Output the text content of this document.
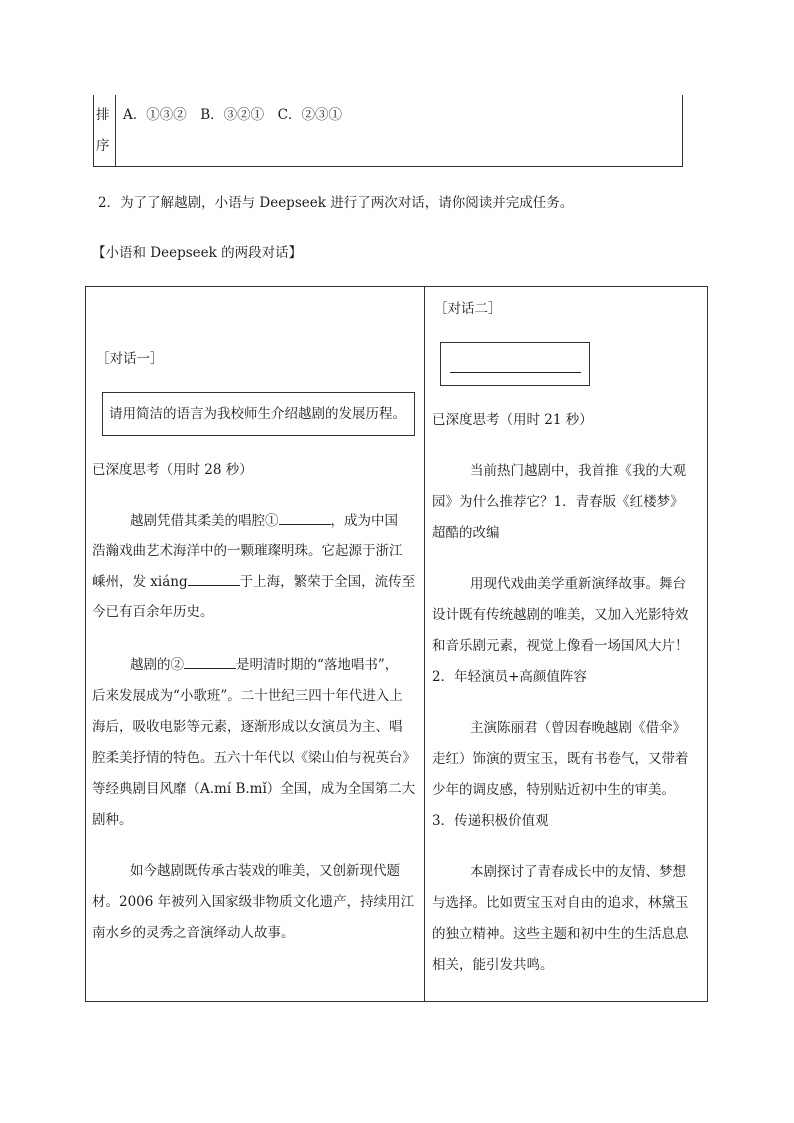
排
序
A．①③②　B．③②①　C．②③①
2．为了了解越剧，小语与 Deepseek 进行了两次对话，请你阅读并完成任务。
【小语和 Deepseek 的两段对话】
［对话一］
请用简洁的语言为我校师生介绍越剧的发展历程。
已深度思考（用时 28 秒）
越剧凭借其柔美的唱腔①	，成为中国
浩瀚戏曲艺术海洋中的一颗璀璨明珠。它起源于浙江
嵊州，发 xiáng	于上海，繁荣于全国，流传至
今已有百余年历史。
越剧的②	是明清时期的“落地唱书”，
后来发展成为“小歌班”。二十世纪三四十年代进入上
海后，吸收电影等元素，逐渐形成以女演员为主、唱
腔柔美抒情的特色。五六十年代以《梁山伯与祝英台》
等经典剧目风靡（A.mí B.mǐ）全国，成为全国第二大
剧种。
如今越剧既传承古装戏的唯美，又创新现代题
材。2006 年被列入国家级非物质文化遗产，持续用江
南水乡的灵秀之音演绎动人故事。
［对话二］
已深度思考（用时 21 秒）
当前热门越剧中，我首推《我的大观
园》为什么推荐它？1．青春版《红楼梦》
超酷的改编
用现代戏曲美学重新演绎故事。舞台
设计既有传统越剧的唯美，又加入光影特效
和音乐剧元素，视觉上像看一场国风大片！
2．年轻演员+高颜值阵容
主演陈丽君（曾因春晚越剧《借伞》
走红）饰演的贾宝玉，既有书卷气，又带着
少年的调皮感，特别贴近初中生的审美。
3．传递积极价值观
本剧探讨了青春成长中的友情、梦想
与选择。比如贾宝玉对自由的追求，林黛玉
的独立精神。这些主题和初中生的生活息息
相关，能引发共鸣。
